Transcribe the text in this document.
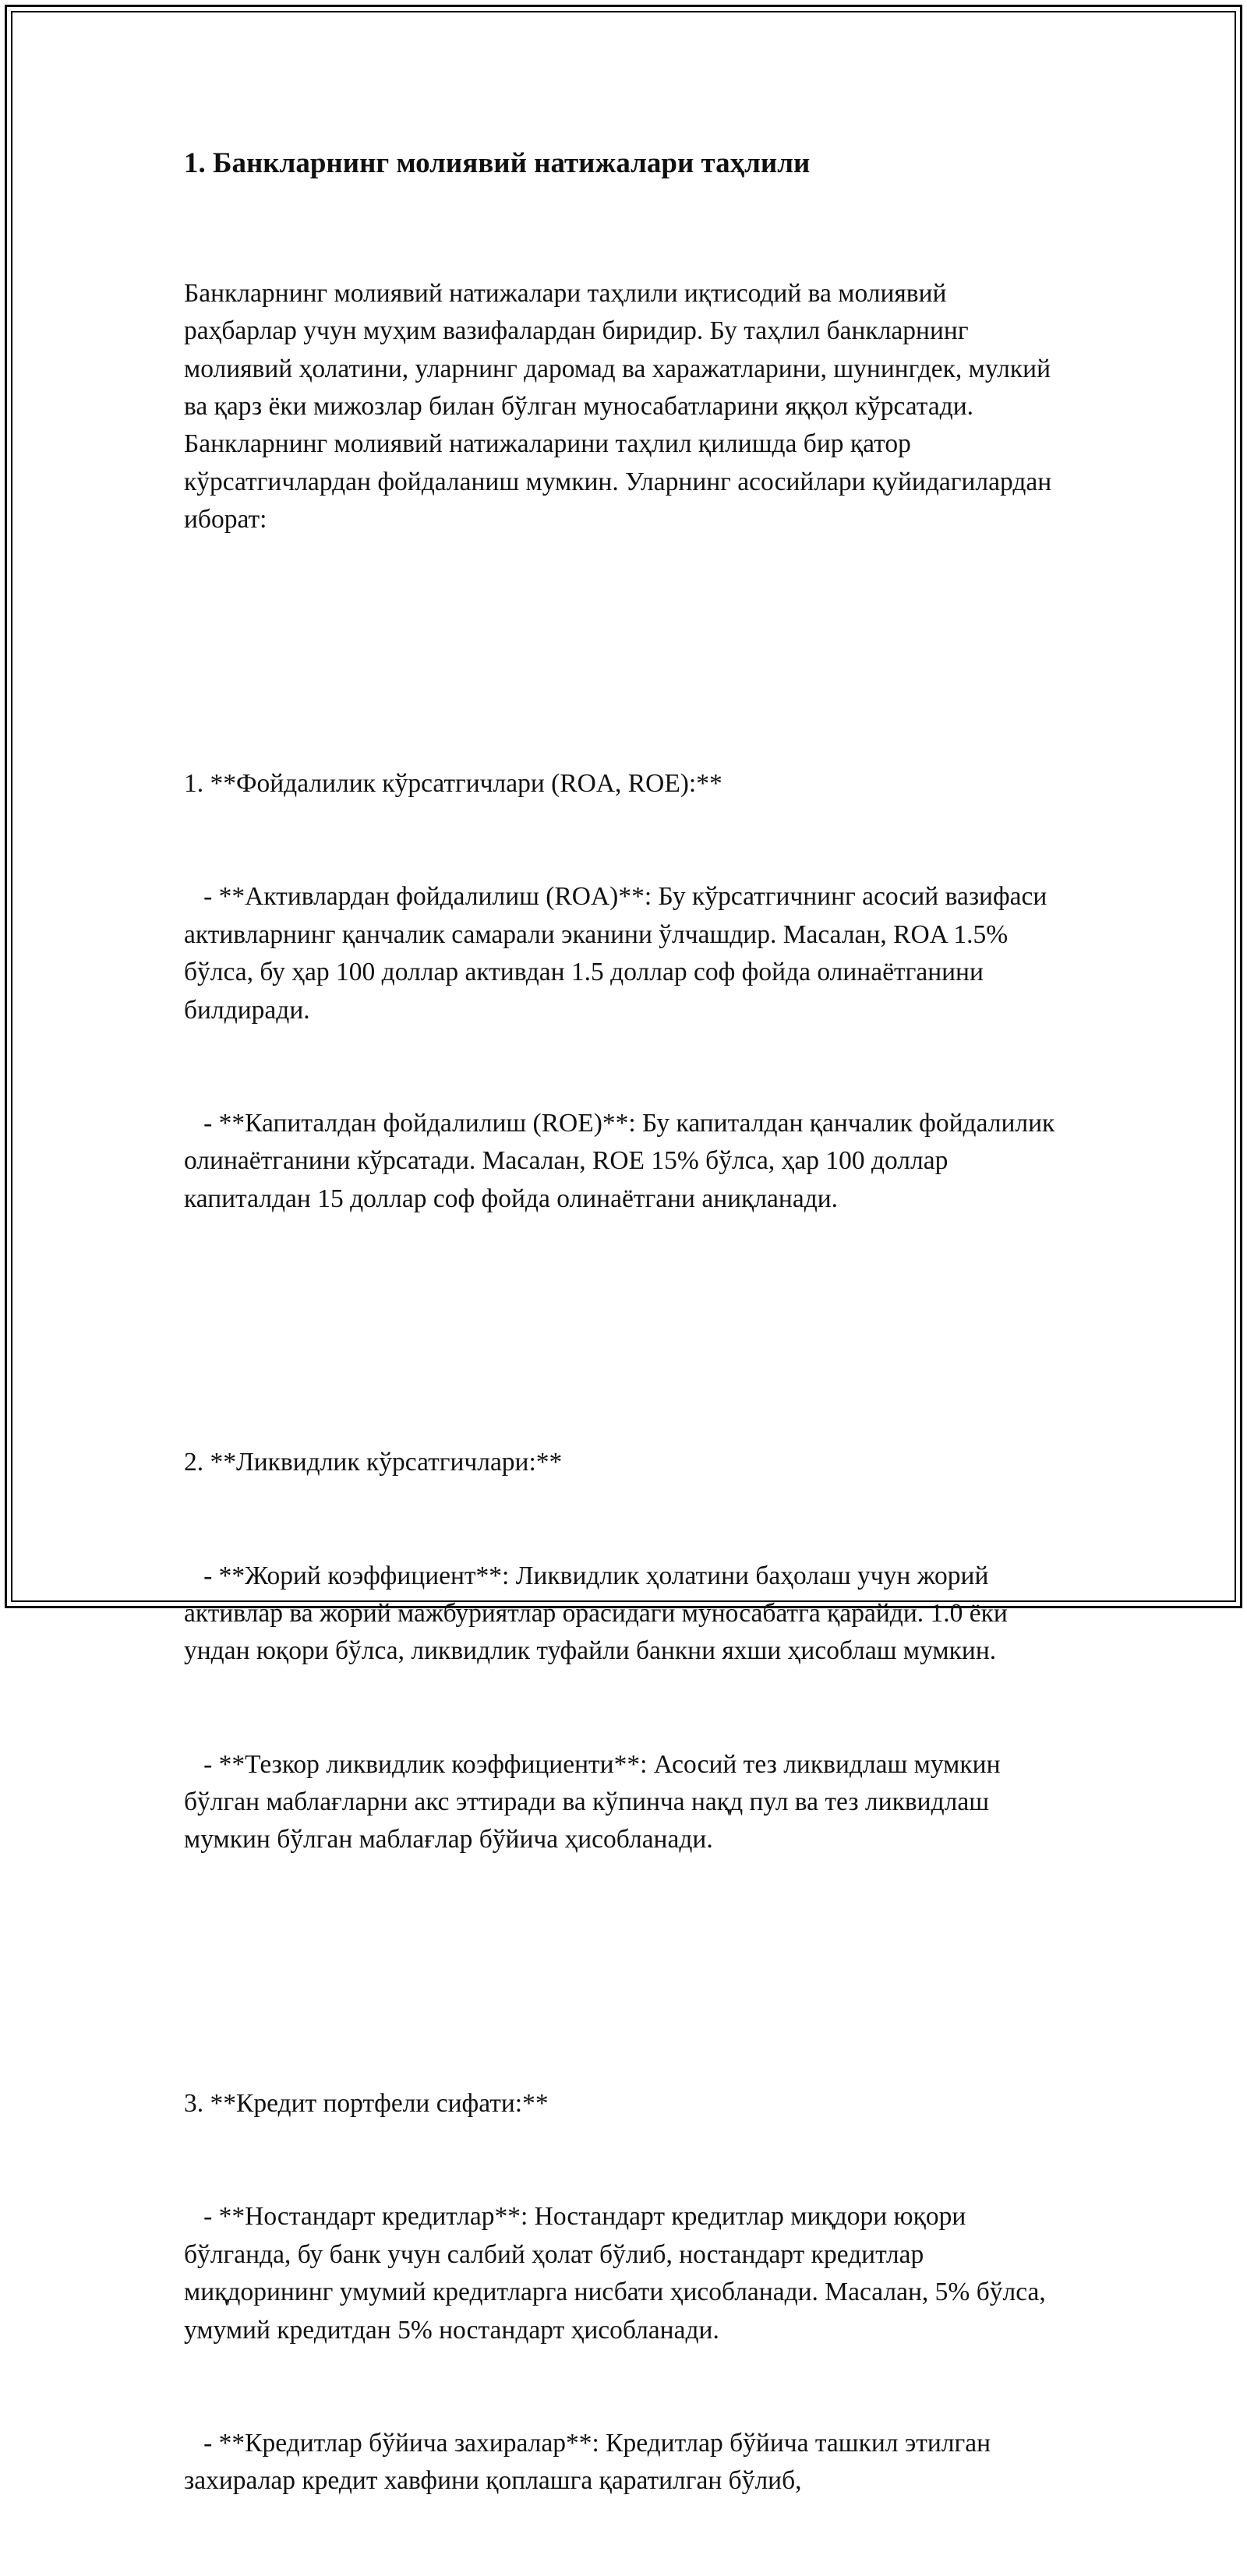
1. Банкларнинг молиявий натижалари таҳлили

Банкларнинг молиявий натижалари таҳлили иқтисодий ва молиявий раҳбарлар учун муҳим вазифалардан биридир. Бу таҳлил банкларнинг молиявий ҳолатини, уларнинг даромад ва харажатларини, шунингдек, мулкий ва қарз ёки мижозлар билан бўлган муносабатларини яққол кўрсатади. Банкларнинг молиявий натижаларини таҳлил қилишда бир қатор кўрсатгичлардан фойдаланиш мумкин. Уларнинг асосийлари қуйидагилардан иборат:

1. **Фойдалилик кўрсатгичлари (ROA, ROE):**

- **Активлардан фойдалилиш (ROA)**: Бу кўрсатгичнинг асосий вазифаси активларнинг қанчалик самарали эканини ўлчашдир. Масалан, ROA 1.5% бўлса, бу ҳар 100 доллар активдан 1.5 доллар соф фойда олинаётганини билдиради.

- **Капиталдан фойдалилиш (ROE)**: Бу капиталдан қанчалик фойдалилик олинаётганини кўрсатади. Масалан, ROE 15% бўлса, ҳар 100 доллар капиталдан 15 доллар соф фойда олинаётгани аниқланади.

2. **Ликвидлик кўрсатгичлари:**

- **Жорий коэффициент**: Ликвидлик ҳолатини баҳолаш учун жорий активлар ва жорий мажбуриятлар орасидаги муносабатга қарайди. 1.0 ёки ундан юқори бўлса, ликвидлик туфайли банкни яхши ҳисоблаш мумкин.

- **Тезкор ликвидлик коэффициенти**: Асосий тез ликвидлаш мумкин бўлган маблағларни акс эттиради ва кўпинча нақд пул ва тез ликвидлаш мумкин бўлган маблағлар бўйича ҳисобланади.

3. **Кредит портфели сифати:**

- **Ностандарт кредитлар**: Ностандарт кредитлар миқдори юқори бўлганда, бу банк учун салбий ҳолат бўлиб, ностандарт кредитлар миқдорининг умумий кредитларга нисбати ҳисобланади. Масалан, 5% бўлса, умумий кредитдан 5% ностандарт ҳисобланади.

- **Кредитлар бўйича захиралар**: Кредитлар бўйича ташкил этилган захиралар кредит хавфини қоплашга қаратилган бўлиб,
